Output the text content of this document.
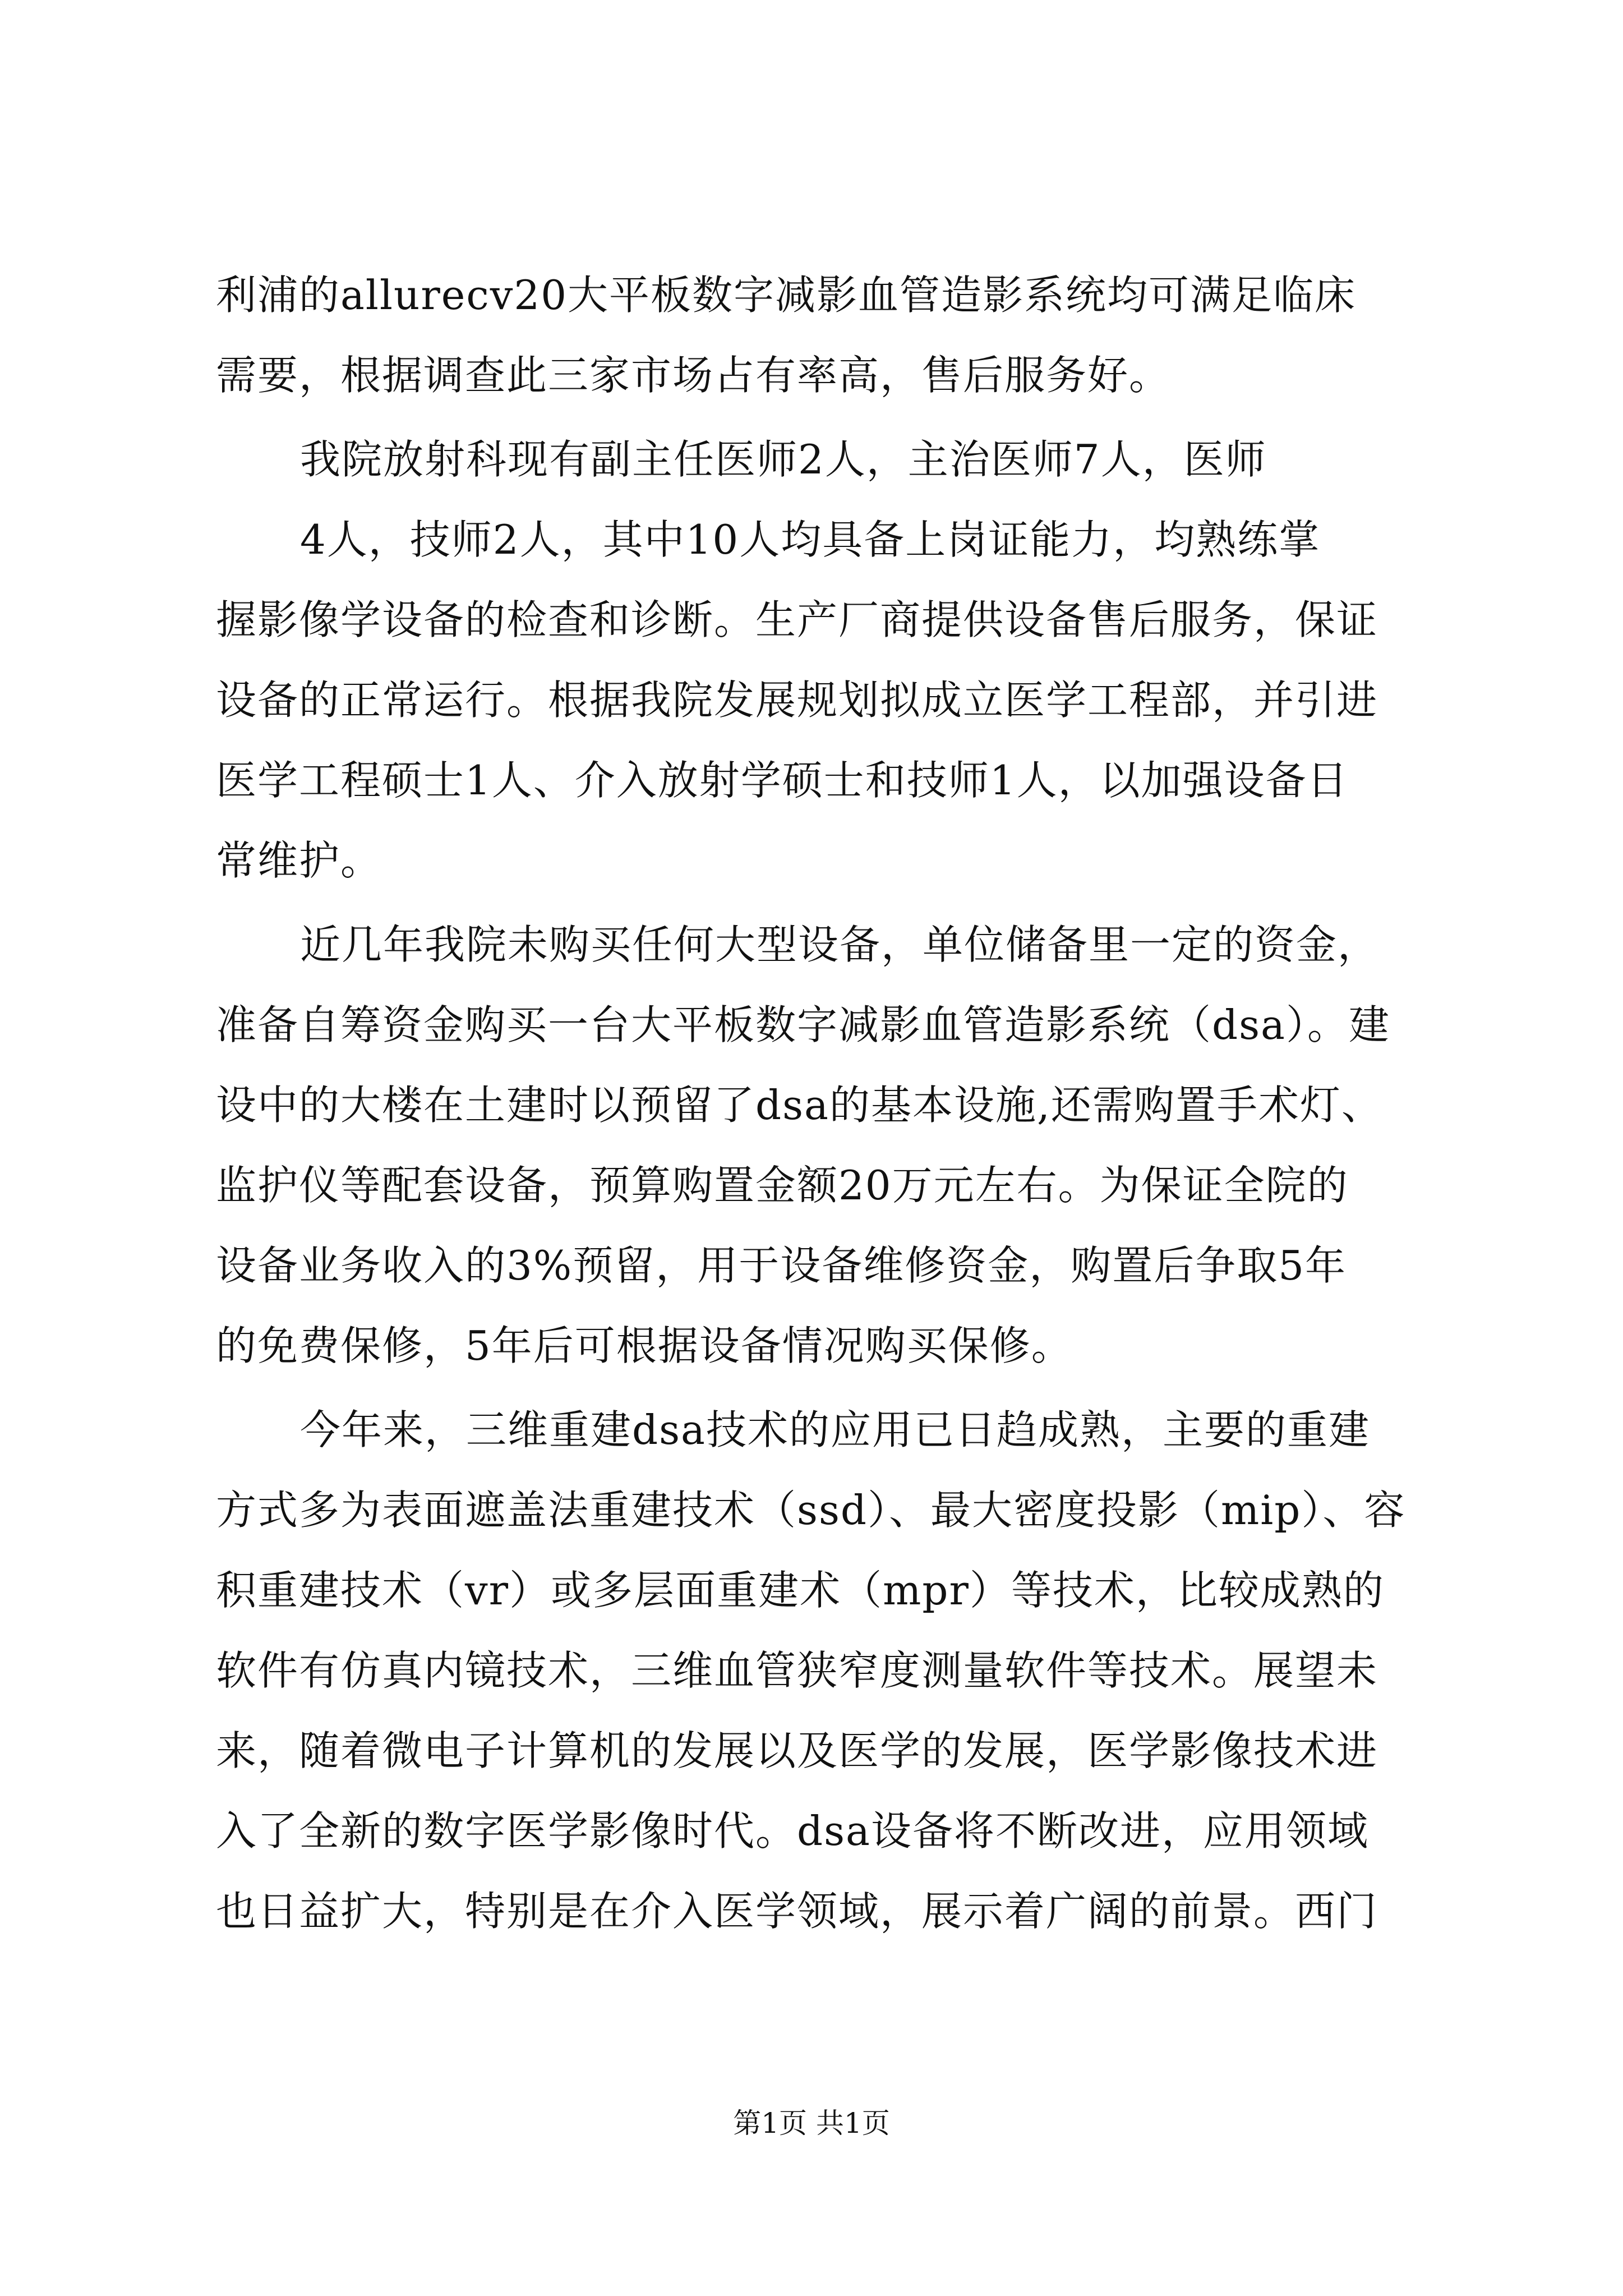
利浦的allurecv20大平板数字减影血管造影系统均可满足临床
需要，根据调查此三家市场占有率高，售后服务好。
我院放射科现有副主任医师2人，主治医师7人，医师
4人，技师2人，其中10人均具备上岗证能力，均熟练掌
握影像学设备的检查和诊断。生产厂商提供设备售后服务，保证
设备的正常运行。根据我院发展规划拟成立医学工程部，并引进
医学工程硕士1人、介入放射学硕士和技师1人，以加强设备日
常维护。
近几年我院未购买任何大型设备，单位储备里一定的资金，
准备自筹资金购买一台大平板数字减影血管造影系统（dsa）。建
设中的大楼在土建时以预留了dsa的基本设施,还需购置手术灯、
监护仪等配套设备，预算购置金额20万元左右。为保证全院的
设备业务收入的3%预留，用于设备维修资金，购置后争取5年
的免费保修，5年后可根据设备情况购买保修。
今年来，三维重建dsa技术的应用已日趋成熟，主要的重建
方式多为表面遮盖法重建技术（ssd）、最大密度投影（mip）、容
积重建技术（vr）或多层面重建术（mpr）等技术，比较成熟的
软件有仿真内镜技术，三维血管狭窄度测量软件等技术。展望未
来，随着微电子计算机的发展以及医学的发展，医学影像技术进
入了全新的数字医学影像时代。dsa设备将不断改进，应用领域
也日益扩大，特别是在介入医学领域，展示着广阔的前景。西门
第1页 共1页
